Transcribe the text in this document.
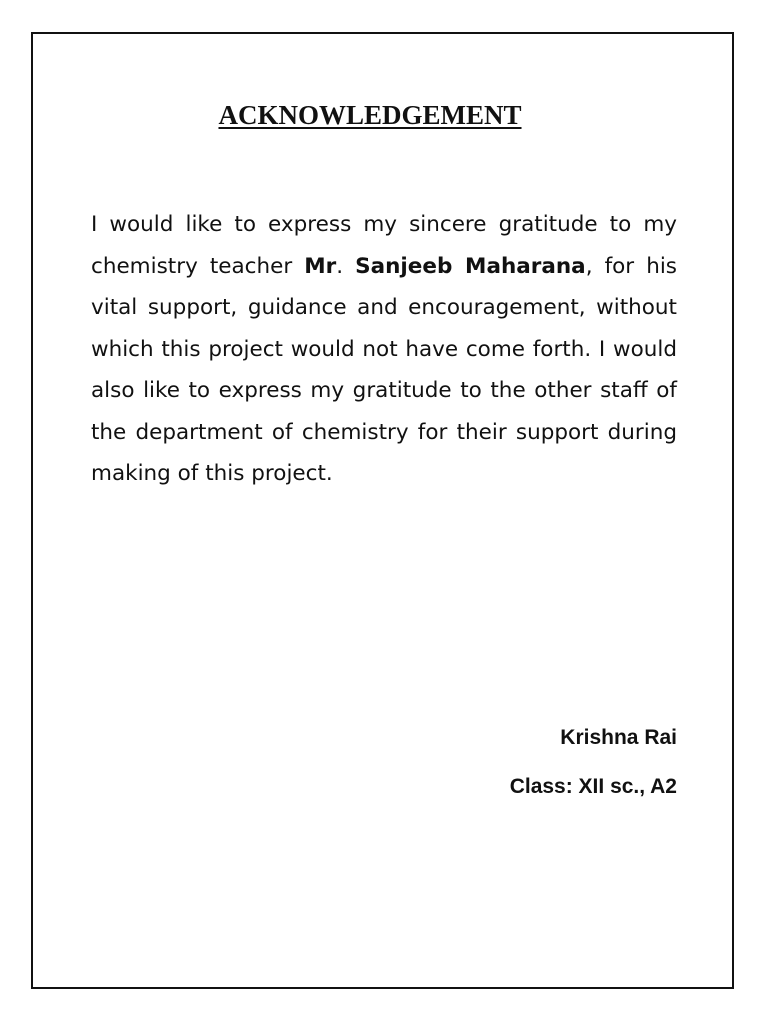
ACKNOWLEDGEMENT

I would like to express my sincere gratitude to my chemistry teacher Mr. Sanjeeb Maharana, for his vital support, guidance and encouragement, without which this project would not have come forth. I would also like to express my gratitude to the other staff of the department of chemistry for their support during making of this project.

Krishna Rai

Class: XII sc., A2
